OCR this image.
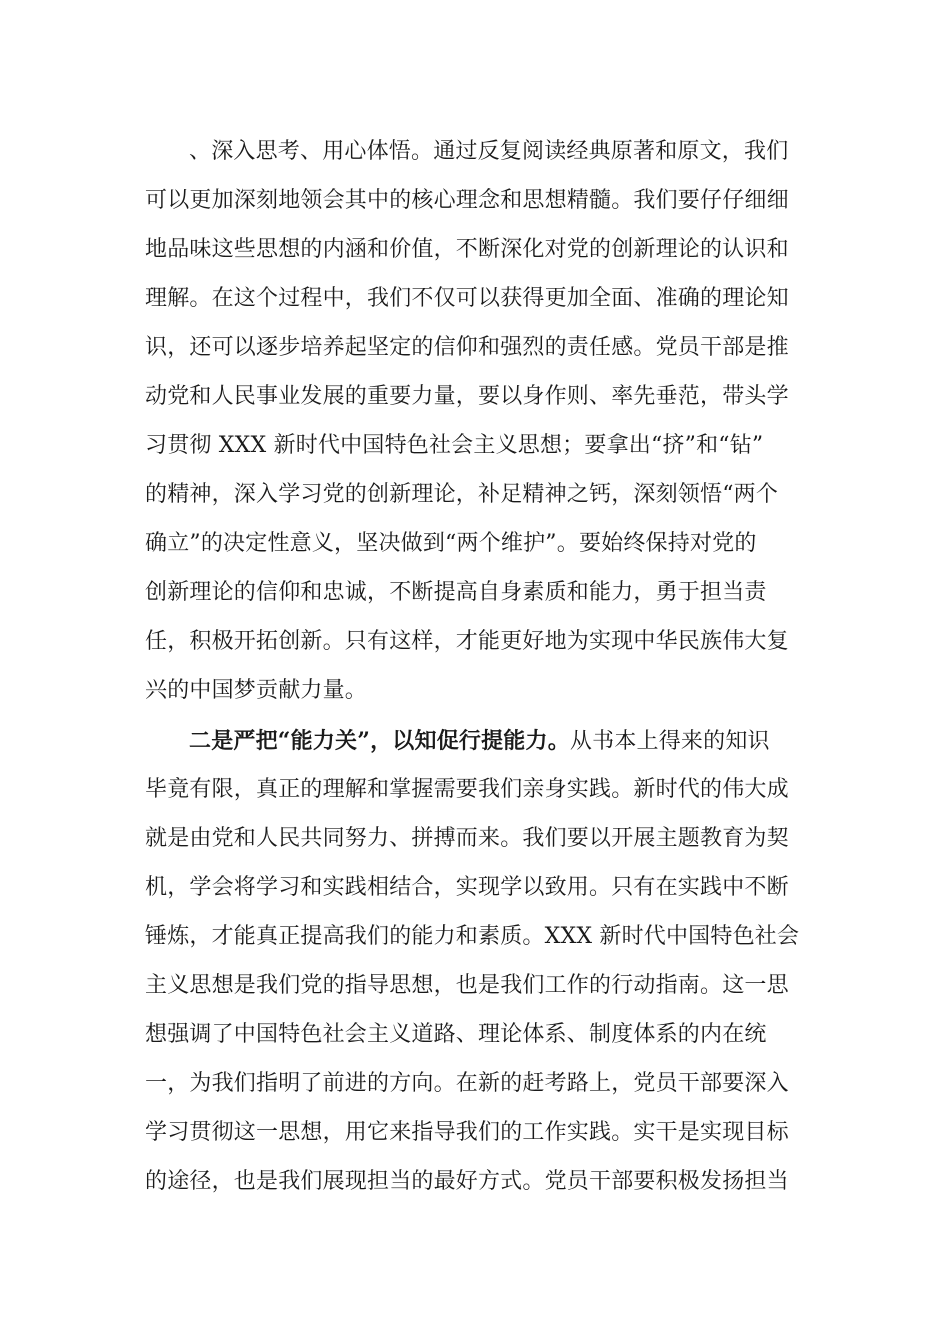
、深入思考、用心体悟。通过反复阅读经典原著和原文，我们
可以更加深刻地领会其中的核心理念和思想精髓。我们要仔仔细细
地品味这些思想的内涵和价值，不断深化对党的创新理论的认识和
理解。在这个过程中，我们不仅可以获得更加全面、准确的理论知
识，还可以逐步培养起坚定的信仰和强烈的责任感。党员干部是推
动党和人民事业发展的重要力量，要以身作则、率先垂范，带头学
习贯彻 XXX 新时代中国特色社会主义思想；要拿出“挤”和“钻”
的精神，深入学习党的创新理论，补足精神之钙，深刻领悟“两个
确立”的决定性意义，坚决做到“两个维护”。要始终保持对党的
创新理论的信仰和忠诚，不断提高自身素质和能力，勇于担当责
任，积极开拓创新。只有这样，才能更好地为实现中华民族伟大复
兴的中国梦贡献力量。
二是严把“能力关”，以知促行提能力。从书本上得来的知识
毕竟有限，真正的理解和掌握需要我们亲身实践。新时代的伟大成
就是由党和人民共同努力、拼搏而来。我们要以开展主题教育为契
机，学会将学习和实践相结合，实现学以致用。只有在实践中不断
锤炼，才能真正提高我们的能力和素质。XXX 新时代中国特色社会
主义思想是我们党的指导思想，也是我们工作的行动指南。这一思
想强调了中国特色社会主义道路、理论体系、制度体系的内在统
一，为我们指明了前进的方向。在新的赶考路上，党员干部要深入
学习贯彻这一思想，用它来指导我们的工作实践。实干是实现目标
的途径，也是我们展现担当的最好方式。党员干部要积极发扬担当
